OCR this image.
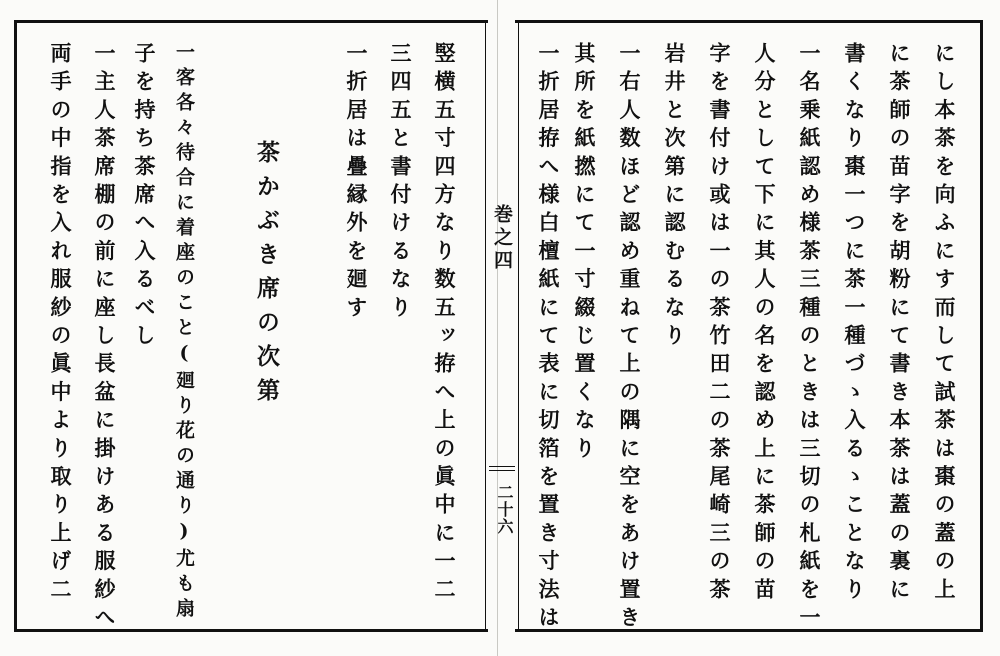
巻之四
二十六	にし本茶を向ふにす而して試茶は棗の蓋の上

に茶師の苗字を胡粉にて書き本茶は蓋の裏に

書くなり棗一つに茶一種づゝ入るゝことなり

一名乗紙認め様茶三種のときは三切の札紙を一

人分として下に其人の名を認め上に茶師の苗

字を書付け或は一の茶竹田二の茶尾崎三の茶

岩井と次第に認むるなり

一右人数ほど認め重ねて上の隅に空をあけ置き

其所を紙撚にて一寸綴じ置くなり

一折居拵へ様白檀紙にて表に切箔を置き寸法は

竪横五寸四方なり数五ッ拵へ上の眞中に一二

三四五と書付けるなり

一折居は疊縁外を廻す

茶かぶき席の次第

一客各々待合に着座のこと(廻り花の通り)尤も扇

子を持ち茶席へ入るべし

一主人茶席棚の前に座し長盆に掛けある服紗へ

両手の中指を入れ服紗の眞中より取り上げ二
